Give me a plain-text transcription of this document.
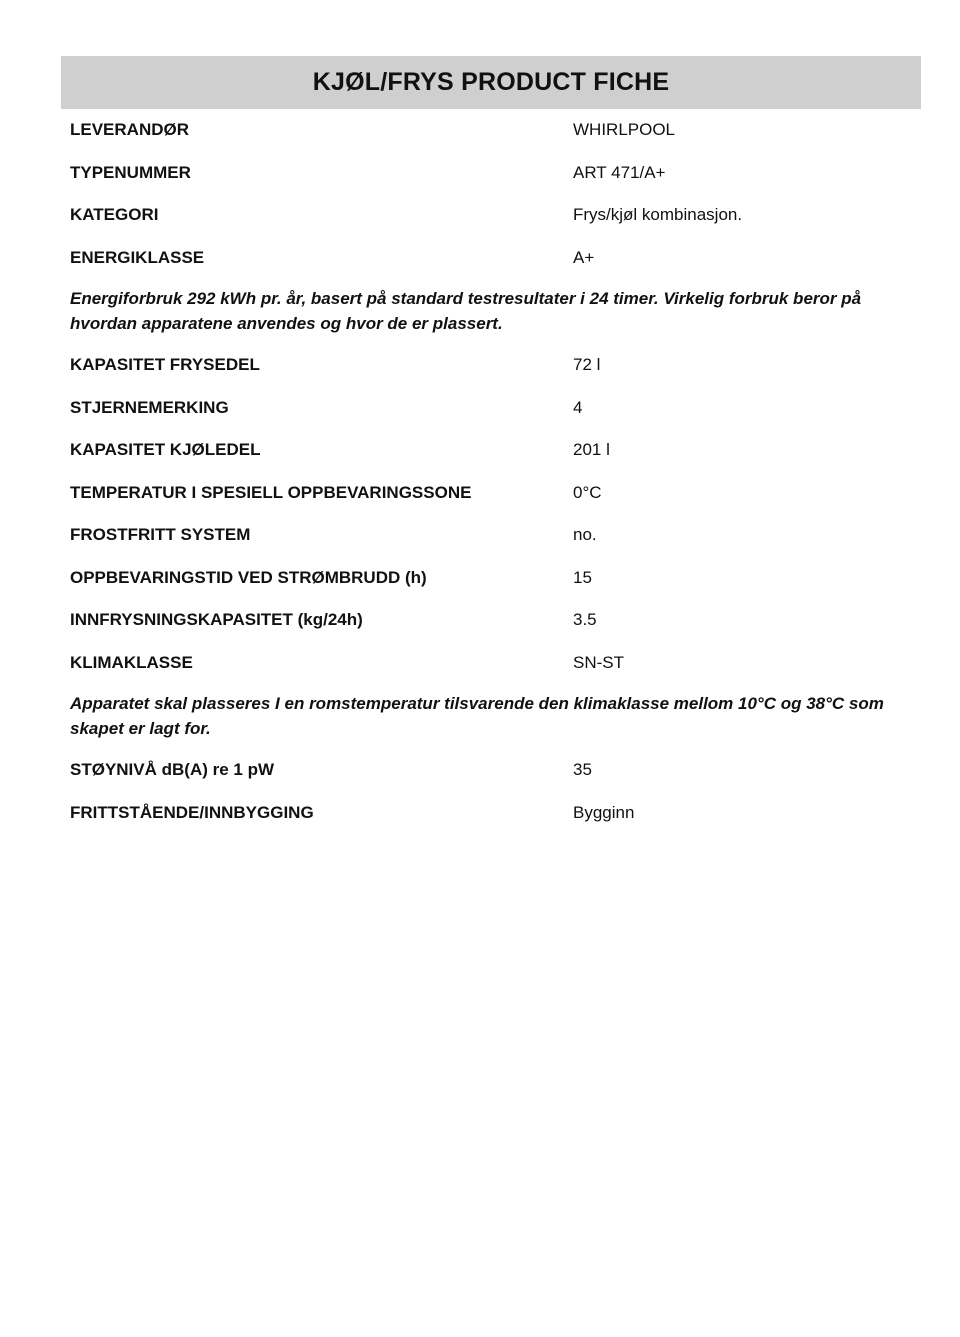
KJØL/FRYS PRODUCT FICHE
LEVERANDØR	WHIRLPOOL
TYPENUMMER	ART 471/A+
KATEGORI	Frys/kjøl kombinasjon.
ENERGIKLASSE	A+
Energiforbruk 292 kWh pr. år, basert på standard testresultater i 24 timer. Virkelig forbruk beror på hvordan apparatene anvendes og hvor de er plassert.
KAPASITET FRYSEDEL	72 l
STJERNEMERKING	4
KAPASITET KJØLEDEL	201 l
TEMPERATUR I SPESIELL OPPBEVARINGSSONE	0°C
FROSTFRITT SYSTEM	no.
OPPBEVARINGSTID VED STRØMBRUDD (h)	15
INNFRYSNINGSKAPASITET (kg/24h)	3.5
KLIMAKLASSE	SN-ST
Apparatet skal plasseres I en romstemperatur tilsvarende den klimaklasse mellom 10°C og 38°C som skapet er lagt for.
STØYNIVÅ dB(A) re 1 pW	35
FRITTSTÅENDE/INNBYGGING	Bygginn
